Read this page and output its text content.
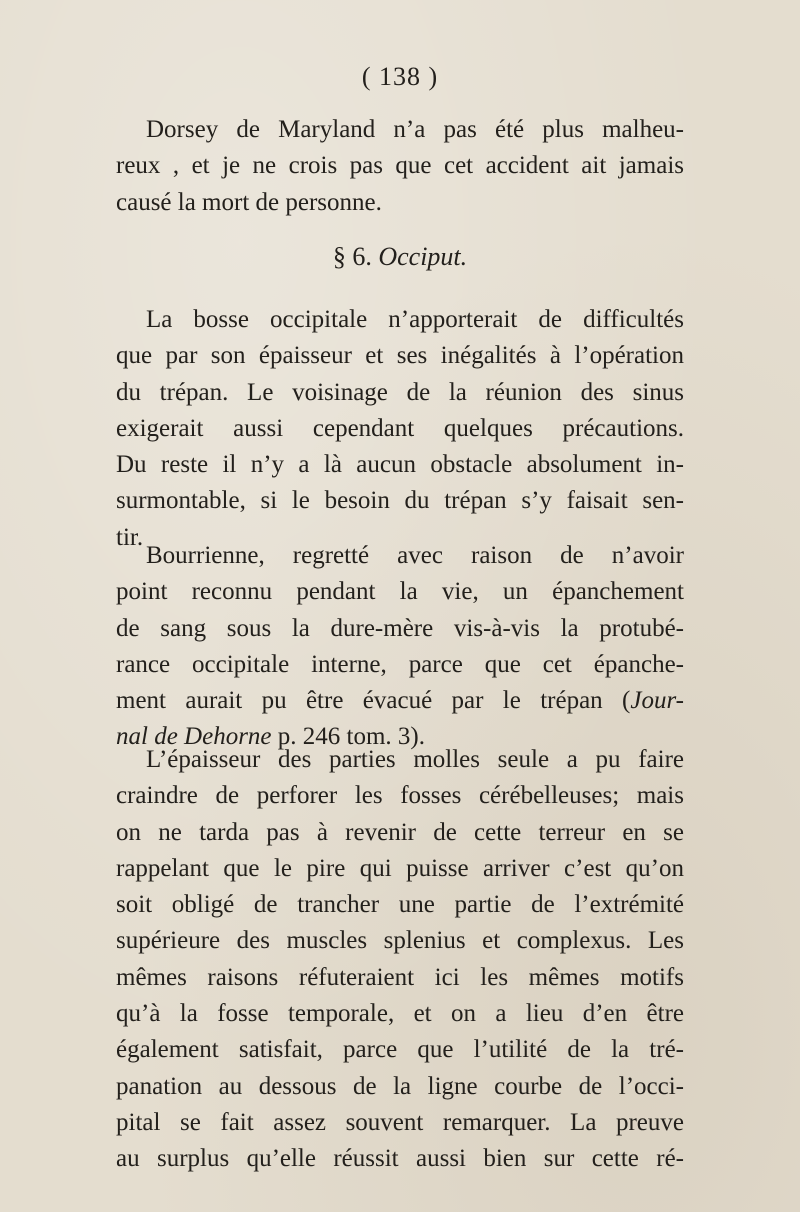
( 138 )
Dorsey de Maryland n’a pas été plus malheu-
reux , et je ne crois pas que cet accident ait jamais
causé la mort de personne.
§ 6. Occiput.
La bosse occipitale n’apporterait de difficultés
que par son épaisseur et ses inégalités à l’opération
du trépan. Le voisinage de la réunion des sinus
exigerait aussi cependant quelques précautions.
Du reste il n’y a là aucun obstacle absolument in-
surmontable, si le besoin du trépan s’y faisait sen-
tir.
Bourrienne, regretté avec raison de n’avoir
point reconnu pendant la vie, un épanchement
de sang sous la dure-mère vis-à-vis la protubé-
rance occipitale interne, parce que cet épanche-
ment aurait pu être évacué par le trépan (Jour-
nal de Dehorne p. 246 tom. 3).
L’épaisseur des parties molles seule a pu faire
craindre de perforer les fosses cérébelleuses; mais
on ne tarda pas à revenir de cette terreur en se
rappelant que le pire qui puisse arriver c’est qu’on
soit obligé de trancher une partie de l’extrémité
supérieure des muscles splenius et complexus. Les
mêmes raisons réfuteraient ici les mêmes motifs
qu’à la fosse temporale, et on a lieu d’en être
également satisfait, parce que l’utilité de la tré-
panation au dessous de la ligne courbe de l’occi-
pital se fait assez souvent remarquer. La preuve
au surplus qu’elle réussit aussi bien sur cette ré-
